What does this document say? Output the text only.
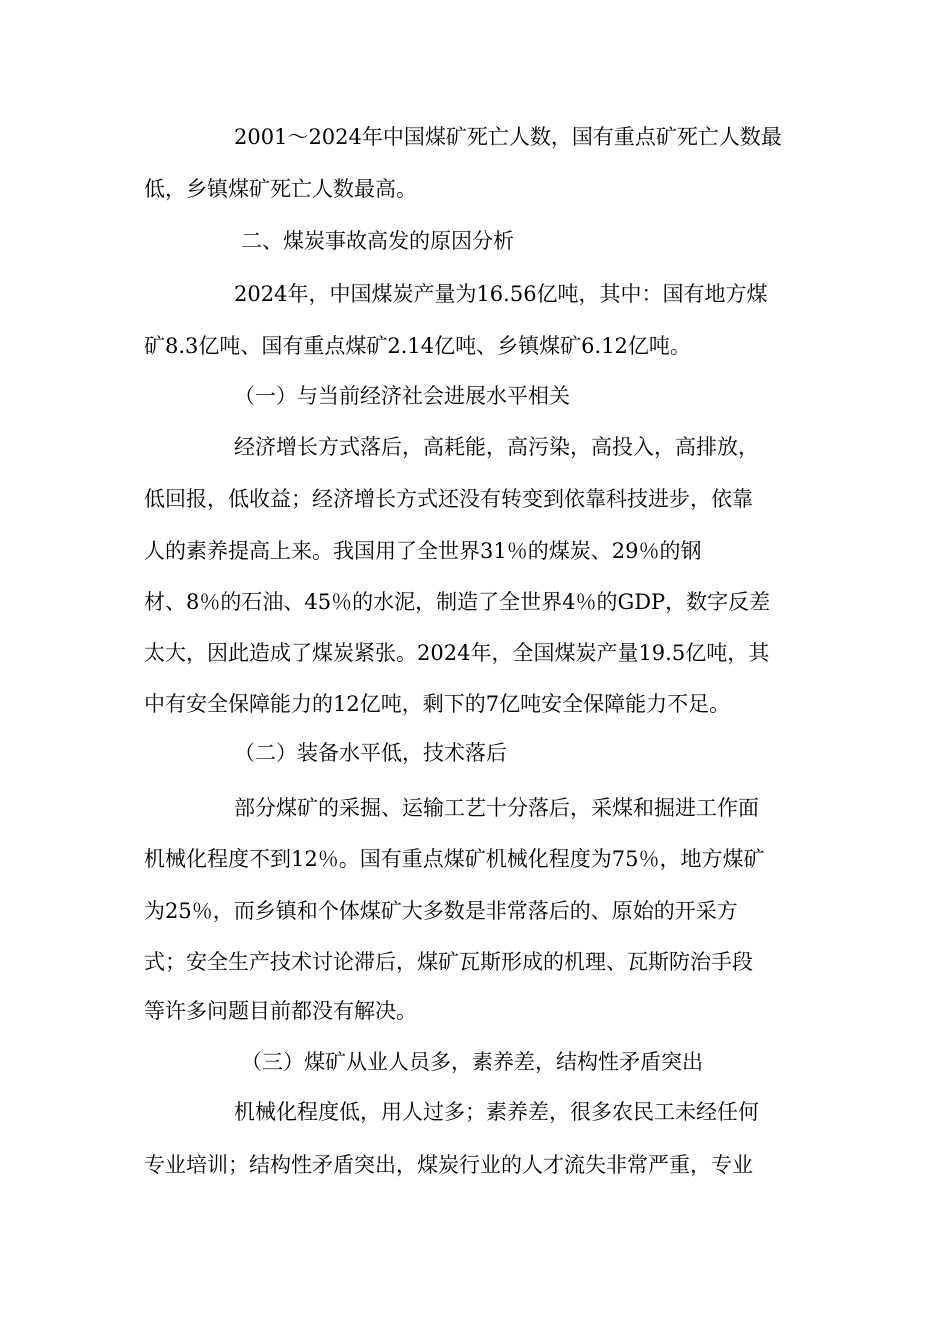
2001～2024年中国煤矿死亡人数，国有重点矿死亡人数最
低，乡镇煤矿死亡人数最高。
二、煤炭事故高发的原因分析
2024年，中国煤炭产量为16.56亿吨，其中：国有地方煤
矿8.3亿吨、国有重点煤矿2.14亿吨、乡镇煤矿6.12亿吨。
（一）与当前经济社会进展水平相关
经济增长方式落后，高耗能，高污染，高投入，高排放，
低回报，低收益；经济增长方式还没有转变到依靠科技进步，依靠
人的素养提高上来。我国用了全世界31％的煤炭、29％的钢
材、8％的石油、45％的水泥，制造了全世界4％的GDP，数字反差
太大，因此造成了煤炭紧张。2024年，全国煤炭产量19.5亿吨，其
中有安全保障能力的12亿吨，剩下的7亿吨安全保障能力不足。
（二）装备水平低，技术落后
部分煤矿的采掘、运输工艺十分落后，采煤和掘进工作面
机械化程度不到12％。国有重点煤矿机械化程度为75％，地方煤矿
为25％，而乡镇和个体煤矿大多数是非常落后的、原始的开采方
式；安全生产技术讨论滞后，煤矿瓦斯形成的机理、瓦斯防治手段
等许多问题目前都没有解决。
（三）煤矿从业人员多，素养差，结构性矛盾突出
机械化程度低，用人过多；素养差，很多农民工未经任何
专业培训；结构性矛盾突出，煤炭行业的人才流失非常严重，专业
